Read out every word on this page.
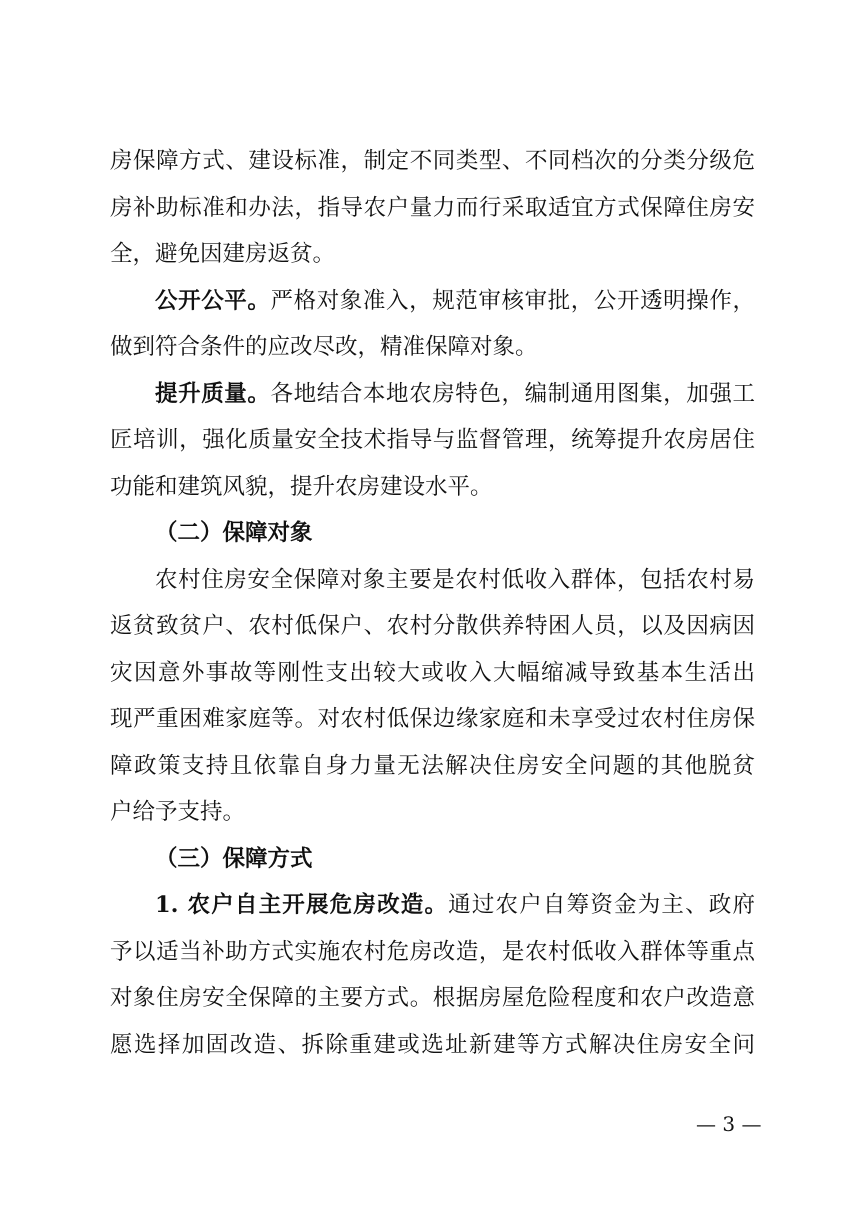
房保障方式、建设标准，制定不同类型、不同档次的分类分级危
房补助标准和办法，指导农户量力而行采取适宜方式保障住房安
全，避免因建房返贫。
公开公平。严格对象准入，规范审核审批，公开透明操作，
做到符合条件的应改尽改，精准保障对象。
提升质量。各地结合本地农房特色，编制通用图集，加强工
匠培训，强化质量安全技术指导与监督管理，统筹提升农房居住
功能和建筑风貌，提升农房建设水平。
（二）保障对象
农村住房安全保障对象主要是农村低收入群体，包括农村易
返贫致贫户、农村低保户、农村分散供养特困人员，以及因病因
灾因意外事故等刚性支出较大或收入大幅缩减导致基本生活出
现严重困难家庭等。对农村低保边缘家庭和未享受过农村住房保
障政策支持且依靠自身力量无法解决住房安全问题的其他脱贫
户给予支持。
（三）保障方式
1. 农户自主开展危房改造。通过农户自筹资金为主、政府
予以适当补助方式实施农村危房改造，是农村低收入群体等重点
对象住房安全保障的主要方式。根据房屋危险程度和农户改造意
愿选择加固改造、拆除重建或选址新建等方式解决住房安全问
— 3 —
